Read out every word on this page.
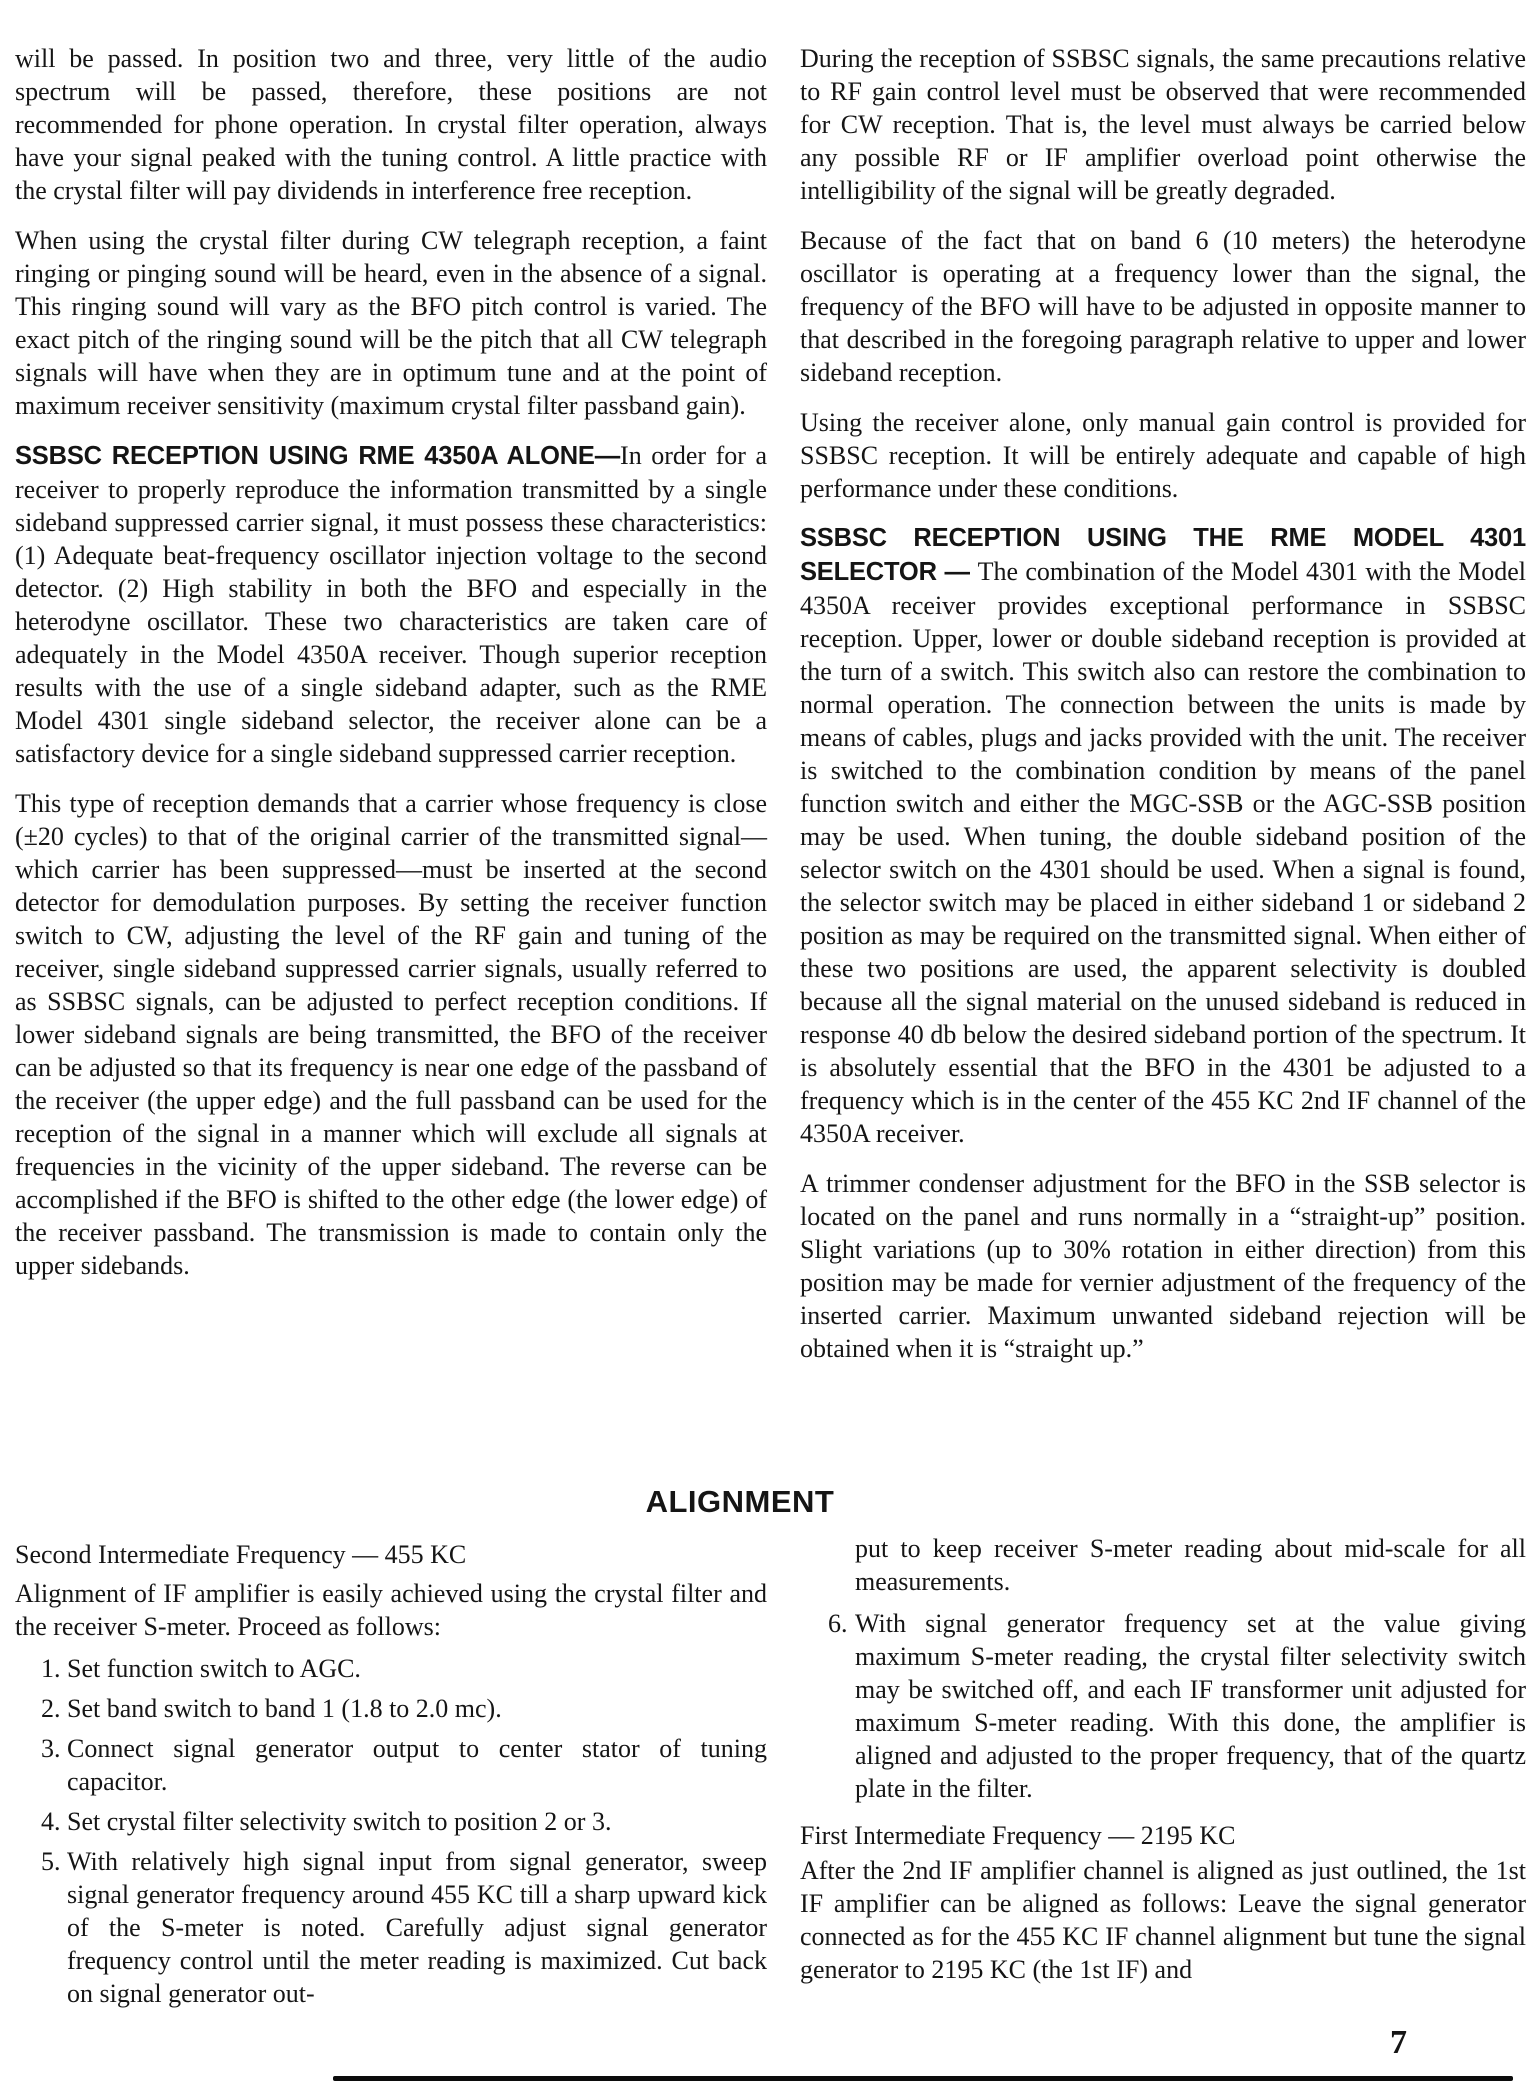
will be passed. In position two and three, very little of the audio spectrum will be passed, therefore, these positions are not recommended for phone operation. In crystal filter operation, always have your signal peaked with the tuning control. A little practice with the crystal filter will pay dividends in interference free reception.

When using the crystal filter during CW telegraph reception, a faint ringing or pinging sound will be heard, even in the absence of a signal. This ringing sound will vary as the BFO pitch control is varied. The exact pitch of the ringing sound will be the pitch that all CW telegraph signals will have when they are in optimum tune and at the point of maximum receiver sensitivity (maximum crystal filter passband gain).

SSBSC RECEPTION USING RME 4350A ALONE—In order for a receiver to properly reproduce the information transmitted by a single sideband suppressed carrier signal, it must possess these characteristics: (1) Adequate beat-frequency oscillator injection voltage to the second detector. (2) High stability in both the BFO and especially in the heterodyne oscillator. These two characteristics are taken care of adequately in the Model 4350A receiver. Though superior reception results with the use of a single sideband adapter, such as the RME Model 4301 single sideband selector, the receiver alone can be a satisfactory device for a single sideband suppressed carrier reception.

This type of reception demands that a carrier whose frequency is close (±20 cycles) to that of the original carrier of the transmitted signal—which carrier has been suppressed—must be inserted at the second detector for demodulation purposes. By setting the receiver function switch to CW, adjusting the level of the RF gain and tuning of the receiver, single sideband suppressed carrier signals, usually referred to as SSBSC signals, can be adjusted to perfect reception conditions. If lower sideband signals are being transmitted, the BFO of the receiver can be adjusted so that its frequency is near one edge of the passband of the receiver (the upper edge) and the full passband can be used for the reception of the signal in a manner which will exclude all signals at frequencies in the vicinity of the upper sideband. The reverse can be accomplished if the BFO is shifted to the other edge (the lower edge) of the receiver passband. The transmission is made to contain only the upper sidebands.

During the reception of SSBSC signals, the same precautions relative to RF gain control level must be observed that were recommended for CW reception. That is, the level must always be carried below any possible RF or IF amplifier overload point otherwise the intelligibility of the signal will be greatly degraded.

Because of the fact that on band 6 (10 meters) the heterodyne oscillator is operating at a frequency lower than the signal, the frequency of the BFO will have to be adjusted in opposite manner to that described in the foregoing paragraph relative to upper and lower sideband reception.

Using the receiver alone, only manual gain control is provided for SSBSC reception. It will be entirely adequate and capable of high performance under these conditions.

SSBSC RECEPTION USING THE RME MODEL 4301
SELECTOR — The combination of the Model 4301 with the Model 4350A receiver provides exceptional performance in SSBSC reception. Upper, lower or double sideband reception is provided at the turn of a switch. This switch also can restore the combination to normal operation. The connection between the units is made by means of cables, plugs and jacks provided with the unit. The receiver is switched to the combination condition by means of the panel function switch and either the MGC-SSB or the AGC-SSB position may be used. When tuning, the double sideband position of the selector switch on the 4301 should be used. When a signal is found, the selector switch may be placed in either sideband 1 or sideband 2 position as may be required on the transmitted signal. When either of these two positions are used, the apparent selectivity is doubled because all the signal material on the unused sideband is reduced in response 40 db below the desired sideband portion of the spectrum. It is absolutely essential that the BFO in the 4301 be adjusted to a frequency which is in the center of the 455 KC 2nd IF channel of the 4350A receiver.

A trimmer condenser adjustment for the BFO in the SSB selector is located on the panel and runs normally in a “straight-up” position. Slight variations (up to 30% rotation in either direction) from this position may be made for vernier adjustment of the frequency of the inserted carrier. Maximum unwanted sideband rejection will be obtained when it is “straight up.”

ALIGNMENT

Second Intermediate Frequency — 455 KC

Alignment of IF amplifier is easily achieved using the crystal filter and the receiver S-meter. Proceed as follows:

1. Set function switch to AGC.
2. Set band switch to band 1 (1.8 to 2.0 mc).
3. Connect signal generator output to center stator of tuning capacitor.
4. Set crystal filter selectivity switch to position 2 or 3.
5. With relatively high signal input from signal generator, sweep signal generator frequency around 455 KC till a sharp upward kick of the S-meter is noted. Carefully adjust signal generator frequency control until the meter reading is maximized. Cut back on signal generator out-

put to keep receiver S-meter reading about mid-scale for all measurements.

6. With signal generator frequency set at the value giving maximum S-meter reading, the crystal filter selectivity switch may be switched off, and each IF transformer unit adjusted for maximum S-meter reading. With this done, the amplifier is aligned and adjusted to the proper frequency, that of the quartz plate in the filter.

First Intermediate Frequency — 2195 KC

After the 2nd IF amplifier channel is aligned as just outlined, the 1st IF amplifier can be aligned as follows: Leave the signal generator connected as for the 455 KC IF channel alignment but tune the signal generator to 2195 KC (the 1st IF) and

7
